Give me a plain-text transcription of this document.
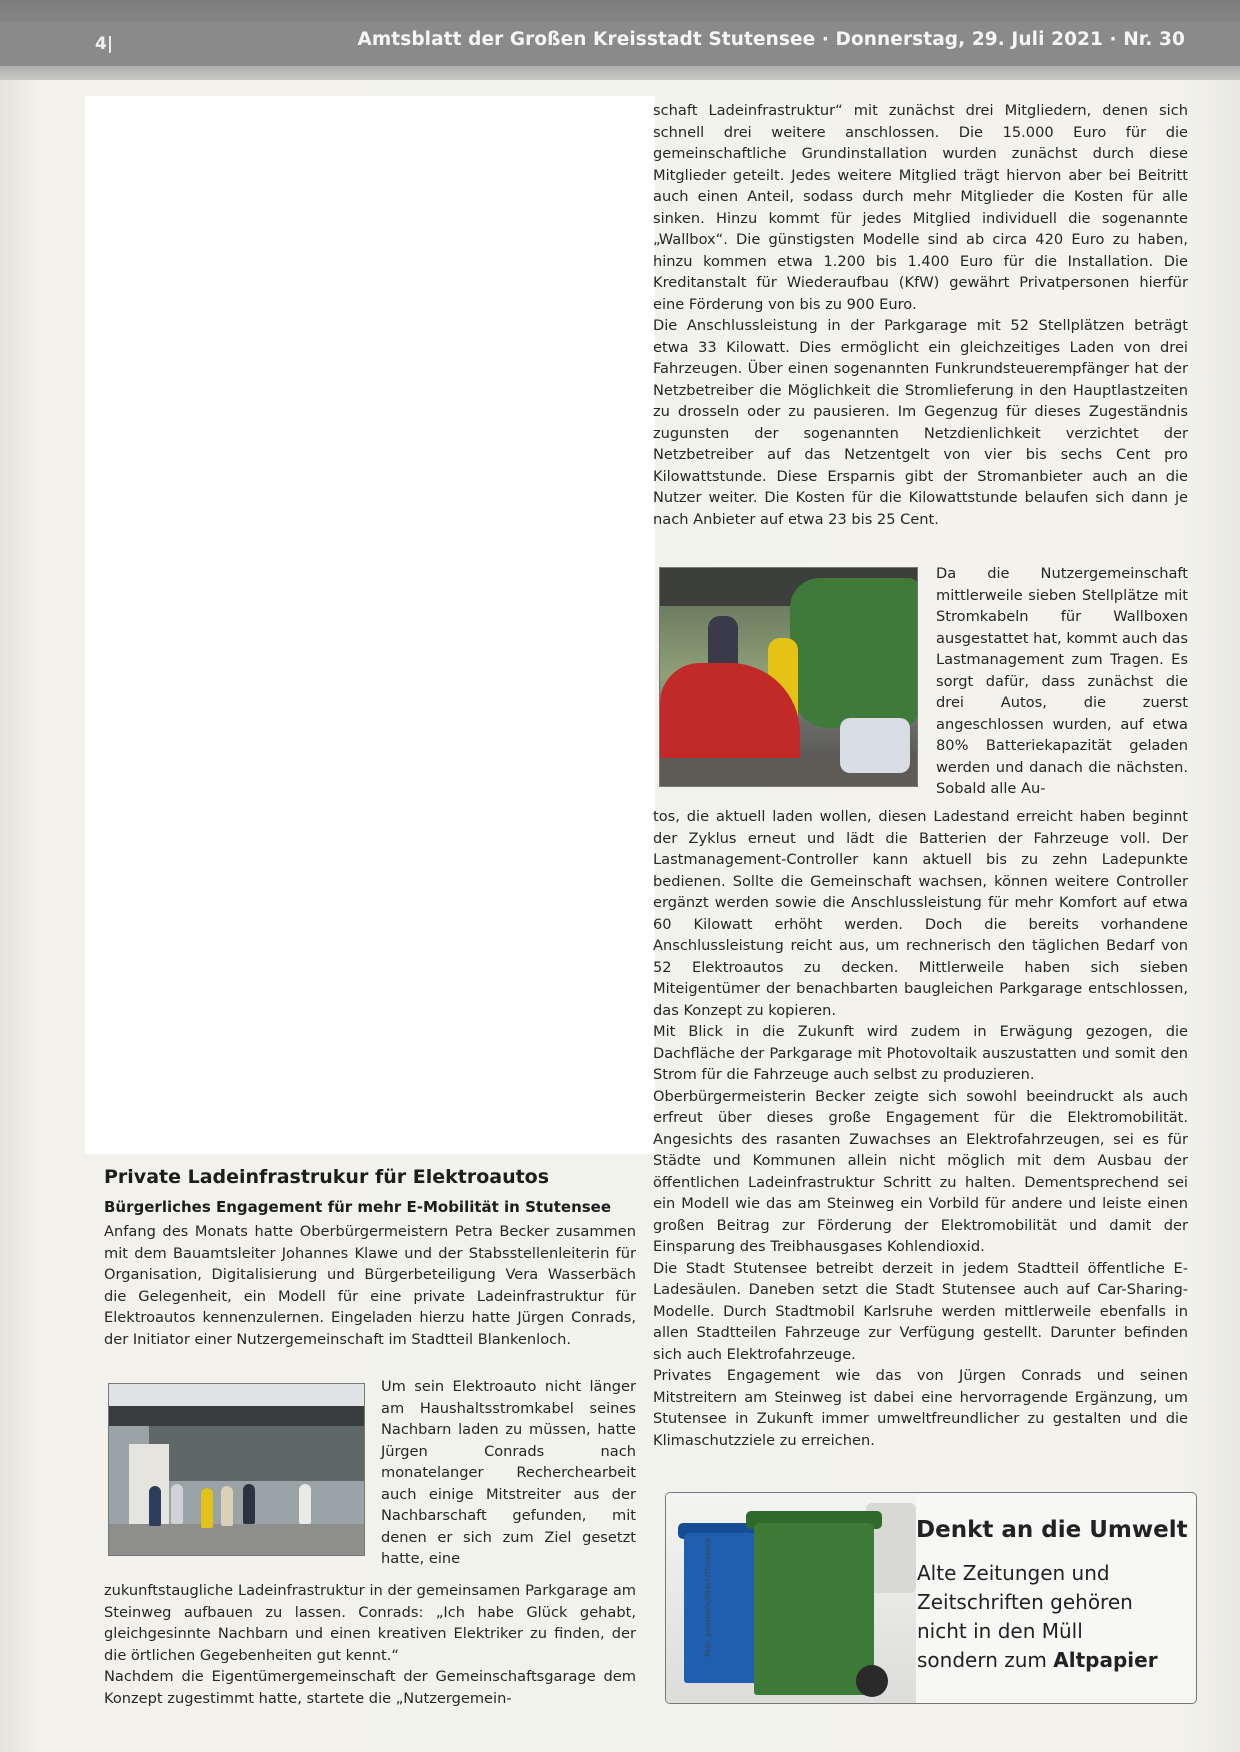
4|	Amtsblatt der Großen Kreisstadt Stutensee · Donnerstag, 29. Juli 2021 · Nr. 30

schaft Ladeinfrastruktur“ mit zunächst drei Mitgliedern, denen sich schnell drei weitere anschlossen. Die 15.000 Euro für die gemeinschaftliche Grundinstallation wurden zunächst durch diese Mitglieder geteilt. Jedes weitere Mitglied trägt hiervon aber bei Beitritt auch einen Anteil, sodass durch mehr Mitglieder die Kosten für alle sinken. Hinzu kommt für jedes Mitglied individuell die sogenannte „Wallbox“. Die günstigsten Modelle sind ab circa 420 Euro zu haben, hinzu kommen etwa 1.200 bis 1.400 Euro für die Installation. Die Kreditanstalt für Wiederaufbau (KfW) gewährt Privatpersonen hierfür eine Förderung von bis zu 900 Euro.

Die Anschlussleistung in der Parkgarage mit 52 Stellplätzen beträgt etwa 33 Kilowatt. Dies ermöglicht ein gleichzeitiges Laden von drei Fahrzeugen. Über einen sogenannten Funkrundsteuerempfänger hat der Netzbetreiber die Möglichkeit die Stromlieferung in den Hauptlastzeiten zu drosseln oder zu pausieren. Im Gegenzug für dieses Zugeständnis zugunsten der sogenannten Netzdienlichkeit verzichtet der Netzbetreiber auf das Netzentgelt von vier bis sechs Cent pro Kilowattstunde. Diese Ersparnis gibt der Stromanbieter auch an die Nutzer weiter. Die Kosten für die Kilowattstunde belaufen sich dann je nach Anbieter auf etwa 23 bis 25 Cent.

Da die Nutzergemeinschaft mittlerweile sieben Stellplätze mit Stromkabeln für Wallboxen ausgestattet hat, kommt auch das Lastmanagement zum Tragen. Es sorgt dafür, dass zunächst die drei Autos, die zuerst angeschlossen wurden, auf etwa 80% Batteriekapazität geladen werden und danach die nächsten. Sobald alle Au-

tos, die aktuell laden wollen, diesen Ladestand erreicht haben beginnt der Zyklus erneut und lädt die Batterien der Fahrzeuge voll. Der Lastmanagement-Controller kann aktuell bis zu zehn Ladepunkte bedienen. Sollte die Gemeinschaft wachsen, können weitere Controller ergänzt werden sowie die Anschlussleistung für mehr Komfort auf etwa 60 Kilowatt erhöht werden. Doch die bereits vorhandene Anschlussleistung reicht aus, um rechnerisch den täglichen Bedarf von 52 Elektroautos zu decken. Mittlerweile haben sich sieben Miteigentümer der benachbarten baugleichen Parkgarage entschlossen, das Konzept zu kopieren.

Mit Blick in die Zukunft wird zudem in Erwägung gezogen, die Dachfläche der Parkgarage mit Photovoltaik auszustatten und somit den Strom für die Fahrzeuge auch selbst zu produzieren.

Oberbürgermeisterin Becker zeigte sich sowohl beeindruckt als auch erfreut über dieses große Engagement für die Elektromobilität. Angesichts des rasanten Zuwachses an Elektrofahrzeugen, sei es für Städte und Kommunen allein nicht möglich mit dem Ausbau der öffentlichen Ladeinfrastruktur Schritt zu halten. Dementsprechend sei ein Modell wie das am Steinweg ein Vorbild für andere und leiste einen großen Beitrag zur Förderung der Elektromobilität und damit der Einsparung des Treibhausgases Kohlendioxid.

Die Stadt Stutensee betreibt derzeit in jedem Stadtteil öffentliche E-Ladesäulen. Daneben setzt die Stadt Stutensee auch auf Car-Sharing-Modelle. Durch Stadtmobil Karlsruhe werden mittlerweile ebenfalls in allen Stadtteilen Fahrzeuge zur Verfügung gestellt. Darunter befinden sich auch Elektrofahrzeuge.

Privates Engagement wie das von Jürgen Conrads und seinen Mitstreitern am Steinweg ist dabei eine hervorragende Ergänzung, um Stutensee in Zukunft immer umweltfreundlicher zu gestalten und die Klimaschutzziele zu erreichen.

Private Ladeinfrastrukur für Elektroautos
Bürgerliches Engagement für mehr E-Mobilität in Stutensee
Anfang des Monats hatte Oberbürgermeistern Petra Becker zusammen mit dem Bauamtsleiter Johannes Klawe und der Stabsstellenleiterin für Organisation, Digitalisierung und Bürgerbeteiligung Vera Wasserbäch die Gelegenheit, ein Modell für eine private Ladeinfrastruktur für Elektroautos kennenzulernen. Eingeladen hierzu hatte Jürgen Conrads, der Initiator einer Nutzergemeinschaft im Stadtteil Blankenloch.
Um sein Elektroauto nicht länger am Haushaltsstromkabel seines Nachbarn laden zu müssen, hatte Jürgen Conrads nach monatelanger Recherchearbeit auch einige Mitstreiter aus der Nachbarschaft gefunden, mit denen er sich zum Ziel gesetzt hatte, eine

zukunftstaugliche Ladeinfrastruktur in der gemeinsamen Parkgarage am Steinweg aufbauen zu lassen. Conrads: „Ich habe Glück gehabt, gleichgesinnte Nachbarn und einen kreativen Elektriker zu finden, der die örtlichen Gegebenheiten gut kennt.“

Nachdem die Eigentümergemeinschaft der Gemeinschaftsgarage dem Konzept zugestimmt hatte, startete die „Nutzergemein-

Foto: goodsmile/iStock/Thinkstock
Denkt an die Umwelt
Alte Zeitungen und
Zeitschriften gehören
nicht in den Müll
sondern zum Altpapier
